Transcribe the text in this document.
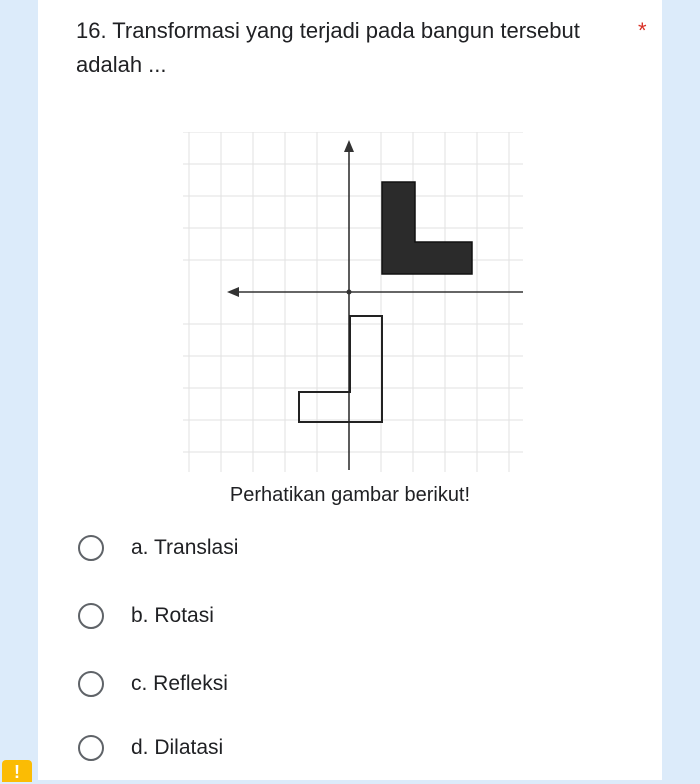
16. Transformasi yang terjadi pada bangun tersebut adalah ...
*
Perhatikan gambar berikut!
a. Translasi
b. Rotasi
c. Refleksi
d. Dilatasi
!
